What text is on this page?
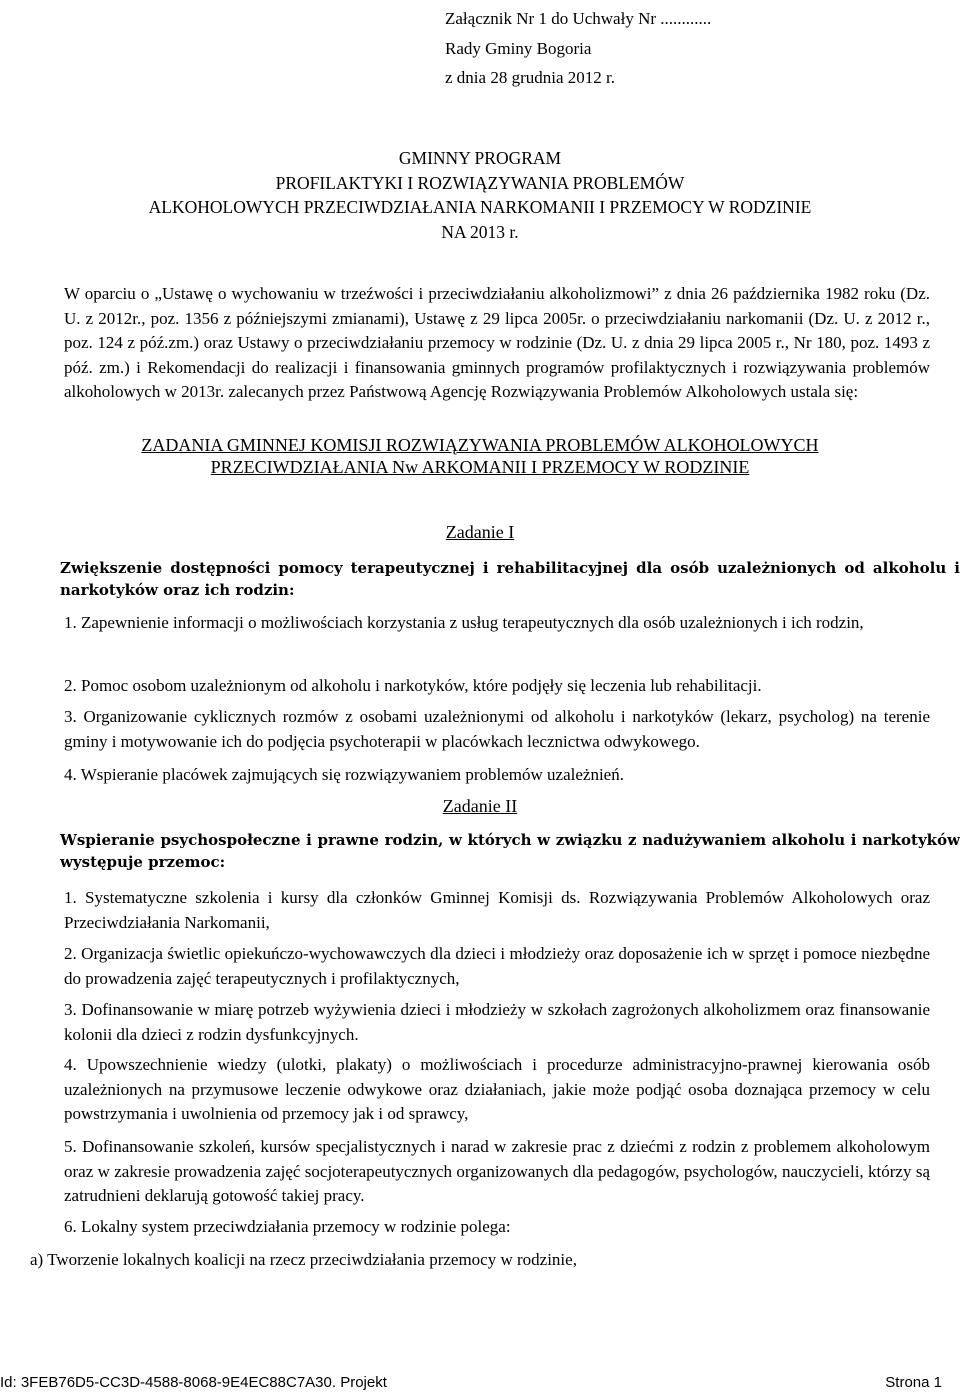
Załącznik Nr 1 do Uchwały Nr ............
Rady Gminy Bogoria
z dnia 28 grudnia 2012 r.
GMINNY PROGRAM
PROFILAKTYKI I ROZWIĄZYWANIA PROBLEMÓW
ALKOHOLOWYCH PRZECIWDZIAŁANIA NARKOMANII I PRZEMOCY W RODZINIE
NA 2013 r.
W oparciu o „Ustawę o wychowaniu w trzeźwości i przeciwdziałaniu alkoholizmowi” z dnia 26 października 1982 roku (Dz. U. z 2012r., poz. 1356 z późniejszymi zmianami), Ustawę z 29 lipca 2005r. o przeciwdziałaniu narkomanii (Dz. U. z 2012 r., poz. 124 z póź.zm.) oraz Ustawy o przeciwdziałaniu przemocy w rodzinie (Dz. U. z dnia 29 lipca 2005 r., Nr 180, poz. 1493 z póź. zm.) i Rekomendacji do realizacji i finansowania gminnych programów profilaktycznych i rozwiązywania problemów alkoholowych w 2013r. zalecanych przez Państwową Agencję Rozwiązywania Problemów Alkoholowych ustala się:
ZADANIA GMINNEJ KOMISJI ROZWIĄZYWANIA PROBLEMÓW ALKOHOLOWYCH
PRZECIWDZIAŁANIA Nw ARKOMANII I PRZEMOCY W RODZINIE
Zadanie I
Zwiększenie dostępności pomocy terapeutycznej i rehabilitacyjnej dla osób uzależnionych od alkoholu i narkotyków oraz ich rodzin:
1. Zapewnienie informacji o możliwościach korzystania z usług terapeutycznych dla osób uzależnionych i ich rodzin,
2. Pomoc osobom uzależnionym od alkoholu i narkotyków, które podjęły się leczenia lub rehabilitacji.
3. Organizowanie cyklicznych rozmów z osobami uzależnionymi od alkoholu i narkotyków (lekarz, psycholog) na terenie gminy i motywowanie ich do podjęcia psychoterapii w placówkach lecznictwa odwykowego.
4. Wspieranie placówek zajmujących się rozwiązywaniem problemów uzależnień.
Zadanie II
Wspieranie psychospołeczne i prawne rodzin, w których w związku z nadużywaniem alkoholu i narkotyków występuje przemoc:
1. Systematyczne szkolenia i kursy dla członków Gminnej Komisji ds. Rozwiązywania Problemów Alkoholowych oraz Przeciwdziałania Narkomanii,
2. Organizacja świetlic opiekuńczo-wychowawczych dla dzieci i młodzieży oraz doposażenie ich w sprzęt i pomoce niezbędne do prowadzenia zajęć terapeutycznych i profilaktycznych,
3. Dofinansowanie w miarę potrzeb wyżywienia dzieci i młodzieży w szkołach zagrożonych alkoholizmem oraz finansowanie kolonii dla dzieci z rodzin dysfunkcyjnych.
4. Upowszechnienie wiedzy (ulotki, plakaty) o możliwościach i procedurze administracyjno-prawnej kierowania osób uzależnionych na przymusowe leczenie odwykowe oraz działaniach, jakie może podjąć osoba doznająca przemocy w celu powstrzymania i uwolnienia od przemocy jak i od sprawcy,
5. Dofinansowanie szkoleń, kursów specjalistycznych i narad w zakresie prac z dziećmi z rodzin z problemem alkoholowym oraz w zakresie prowadzenia zajęć socjoterapeutycznych organizowanych dla pedagogów, psychologów, nauczycieli, którzy są zatrudnieni deklarują gotowość takiej pracy.
6. Lokalny system przeciwdziałania przemocy w rodzinie polega:
a) Tworzenie lokalnych koalicji na rzecz przeciwdziałania przemocy w rodzinie,
Id: 3FEB76D5-CC3D-4588-8068-9E4EC88C7A30. Projekt	Strona 1
